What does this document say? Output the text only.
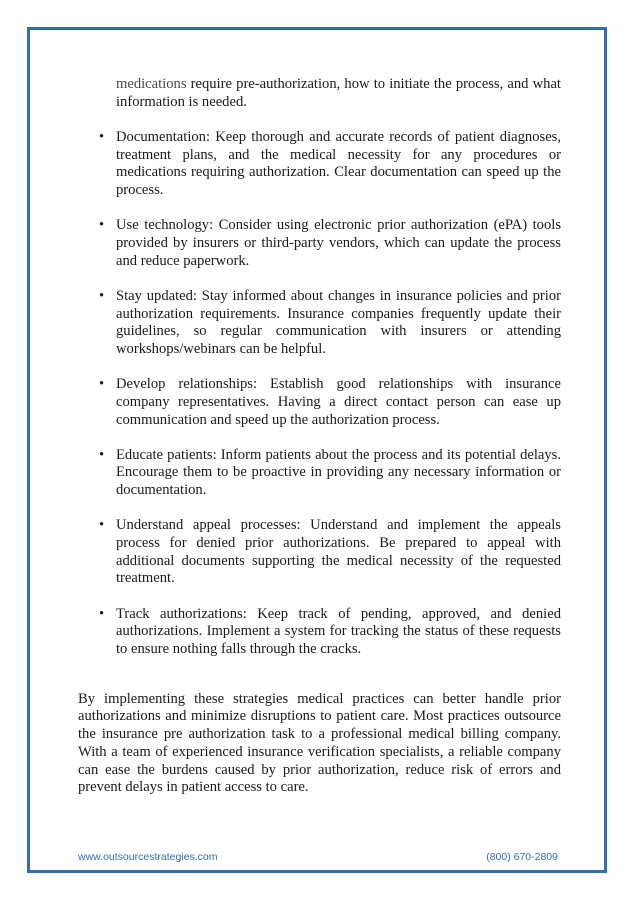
medications require pre-authorization, how to initiate the process, and what information is needed.

• Documentation: Keep thorough and accurate records of patient diagnoses, treatment plans, and the medical necessity for any procedures or medications requiring authorization. Clear documentation can speed up the process.
• Use technology: Consider using electronic prior authorization (ePA) tools provided by insurers or third-party vendors, which can update the process and reduce paperwork.
• Stay updated: Stay informed about changes in insurance policies and prior authorization requirements. Insurance companies frequently update their guidelines, so regular communication with insurers or attending workshops/webinars can be helpful.
• Develop relationships: Establish good relationships with insurance company representatives. Having a direct contact person can ease up communication and speed up the authorization process.
• Educate patients: Inform patients about the process and its potential delays. Encourage them to be proactive in providing any necessary information or documentation.
• Understand appeal processes: Understand and implement the appeals process for denied prior authorizations. Be prepared to appeal with additional documents supporting the medical necessity of the requested treatment.
• Track authorizations: Keep track of pending, approved, and denied authorizations. Implement a system for tracking the status of these requests to ensure nothing falls through the cracks.

By implementing these strategies medical practices can better handle prior authorizations and minimize disruptions to patient care. Most practices outsource the insurance pre authorization task to a professional medical billing company. With a team of experienced insurance verification specialists, a reliable company can ease the burdens caused by prior authorization, reduce risk of errors and prevent delays in patient access to care.

www.outsourcestrategies.com	(800) 670-2809
